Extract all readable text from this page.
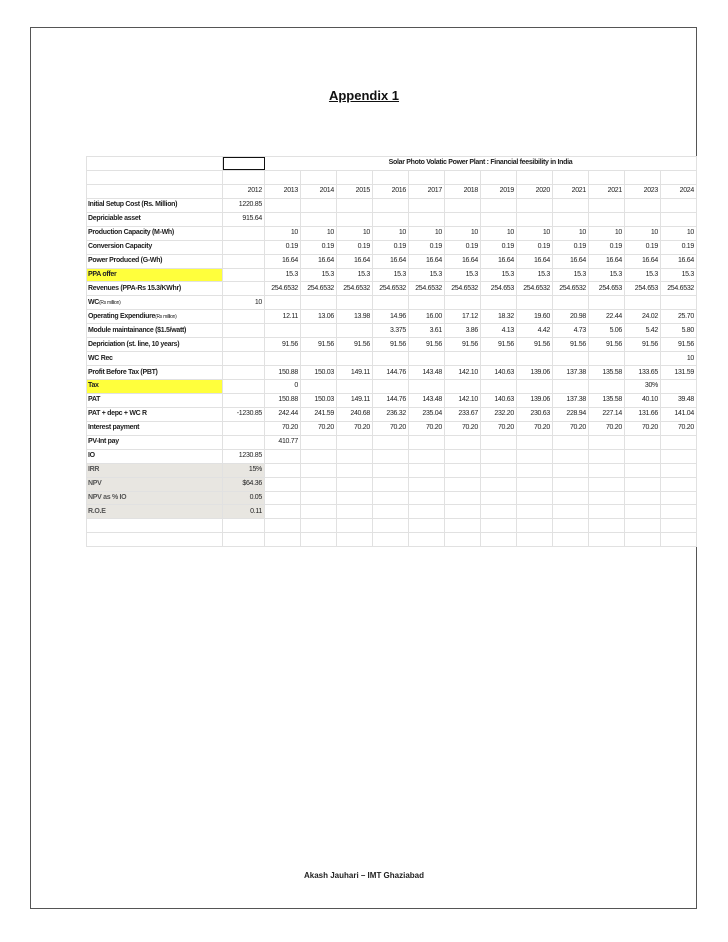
Appendix 1
		Solar Photo Volatic Power Plant : Financial feesibility in India											

	2012	2013	2014	2015	2016	2017	2018	2019	2020	2021	2021	2023	2024
Initial Setup Cost (Rs. Million)	1220.85												
Depriciable asset	915.64												
Production Capacity (M-Wh)		10	10	10	10	10	10	10	10	10	10	10	10
Conversion Capacity		0.19	0.19	0.19	0.19	0.19	0.19	0.19	0.19	0.19	0.19	0.19	0.19
Power Produced (G-Wh)		16.64	16.64	16.64	16.64	16.64	16.64	16.64	16.64	16.64	16.64	16.64	16.64
PPA offer		15.3	15.3	15.3	15.3	15.3	15.3	15.3	15.3	15.3	15.3	15.3	15.3
Revenues (PPA-Rs 15.3/KWhr)		254.6532	254.6532	254.6532	254.6532	254.6532	254.6532	254.653	254.6532	254.6532	254.653	254.653	254.6532
WC(Rs million)	10												
Operating Expendiure(Rs million)		12.11	13.06	13.98	14.96	16.00	17.12	18.32	19.60	20.98	22.44	24.02	25.70
Module maintainance ($1.5/watt)					3.375	3.61	3.86	4.13	4.42	4.73	5.06	5.42	5.80
Depriciation (st. line, 10 years)		91.56	91.56	91.56	91.56	91.56	91.56	91.56	91.56	91.56	91.56	91.56	91.56
WC Rec													10
Profit Before Tax (PBT)		150.88	150.03	149.11	144.76	143.48	142.10	140.63	139.06	137.38	135.58	133.65	131.59
Tax		0										30%	
PAT		150.88	150.03	149.11	144.76	143.48	142.10	140.63	139.06	137.38	135.58	40.10	39.48
PAT + depc + WC R	-1230.85	242.44	241.59	240.68	236.32	235.04	233.67	232.20	230.63	228.94	227.14	131.66	141.04
Interest payment		70.20	70.20	70.20	70.20	70.20	70.20	70.20	70.20	70.20	70.20	70.20	70.20
PV-Int pay		410.77											
IO	1230.85												
IRR	15%												
NPV	$64.36												
NPV as % IO	0.05												
R.O.E	0.11												

Akash Jauhari – IMT Ghaziabad
